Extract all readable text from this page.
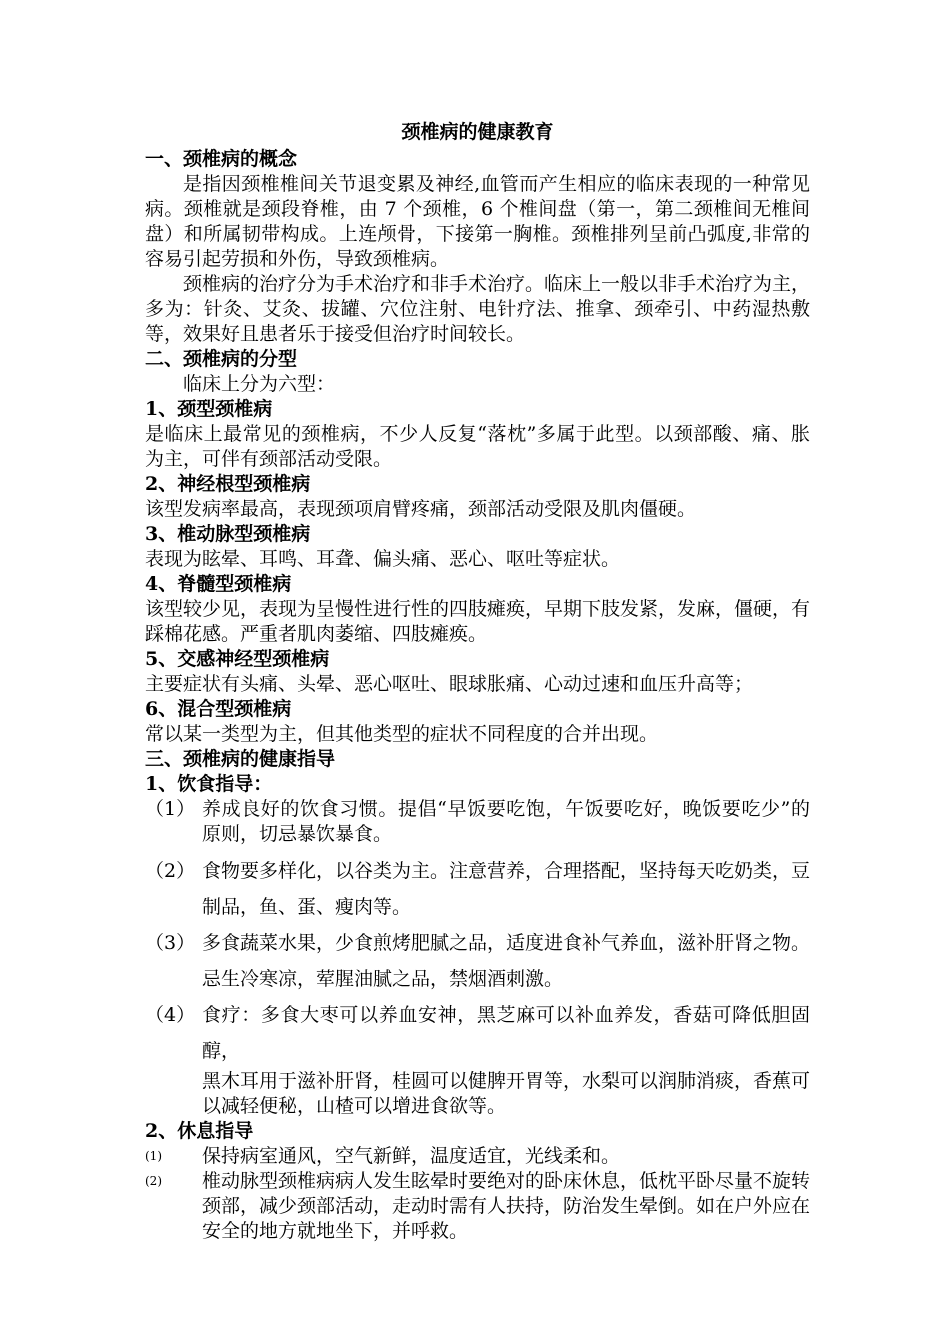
颈椎病的健康教育
一、颈椎病的概念
是指因颈椎椎间关节退变累及神经,血管而产生相应的临床表现的一种常见病。颈椎就是颈段脊椎，由 7 个颈椎，6 个椎间盘（第一，第二颈椎间无椎间盘）和所属韧带构成。上连颅骨，下接第一胸椎。颈椎排列呈前凸弧度,非常的容易引起劳损和外伤，导致颈椎病。
颈椎病的治疗分为手术治疗和非手术治疗。临床上一般以非手术治疗为主，多为：针灸、艾灸、拔罐、穴位注射、电针疗法、推拿、颈牵引、中药湿热敷等，效果好且患者乐于接受但治疗时间较长。
二、颈椎病的分型
临床上分为六型：
1、颈型颈椎病
是临床上最常见的颈椎病，不少人反复“落枕”多属于此型。以颈部酸、痛、胀为主，可伴有颈部活动受限。
2、神经根型颈椎病
该型发病率最高，表现颈项肩臂疼痛，颈部活动受限及肌肉僵硬。
3、椎动脉型颈椎病
表现为眩晕、耳鸣、耳聋、偏头痛、恶心、呕吐等症状。
4、脊髓型颈椎病
该型较少见，表现为呈慢性进行性的四肢瘫痪，早期下肢发紧，发麻，僵硬，有踩棉花感。严重者肌肉萎缩、四肢瘫痪。
5、交感神经型颈椎病
主要症状有头痛、头晕、恶心呕吐、眼球胀痛、心动过速和血压升高等；
6、混合型颈椎病
常以某一类型为主，但其他类型的症状不同程度的合并出现。
三、颈椎病的健康指导
1、饮食指导：
（1） 养成良好的饮食习惯。提倡“早饭要吃饱，午饭要吃好，晚饭要吃少”的原则，切忌暴饮暴食。
（2） 食物要多样化，以谷类为主。注意营养，合理搭配，坚持每天吃奶类，豆制品，鱼、蛋、瘦肉等。
（3） 多食蔬菜水果，少食煎烤肥腻之品，适度进食补气养血，滋补肝肾之物。忌生冷寒凉，荤腥油腻之品，禁烟酒刺激。
（4） 食疗：多食大枣可以养血安神，黑芝麻可以补血养发，香菇可降低胆固醇，
黑木耳用于滋补肝肾，桂圆可以健脾开胃等，水梨可以润肺消痰，香蕉可以减轻便秘，山楂可以增进食欲等。
2、休息指导
(1) 保持病室通风，空气新鲜，温度适宜，光线柔和。
(2) 椎动脉型颈椎病病人发生眩晕时要绝对的卧床休息，低枕平卧尽量不旋转颈部，减少颈部活动，走动时需有人扶持，防治发生晕倒。如在户外应在安全的地方就地坐下，并呼救。
